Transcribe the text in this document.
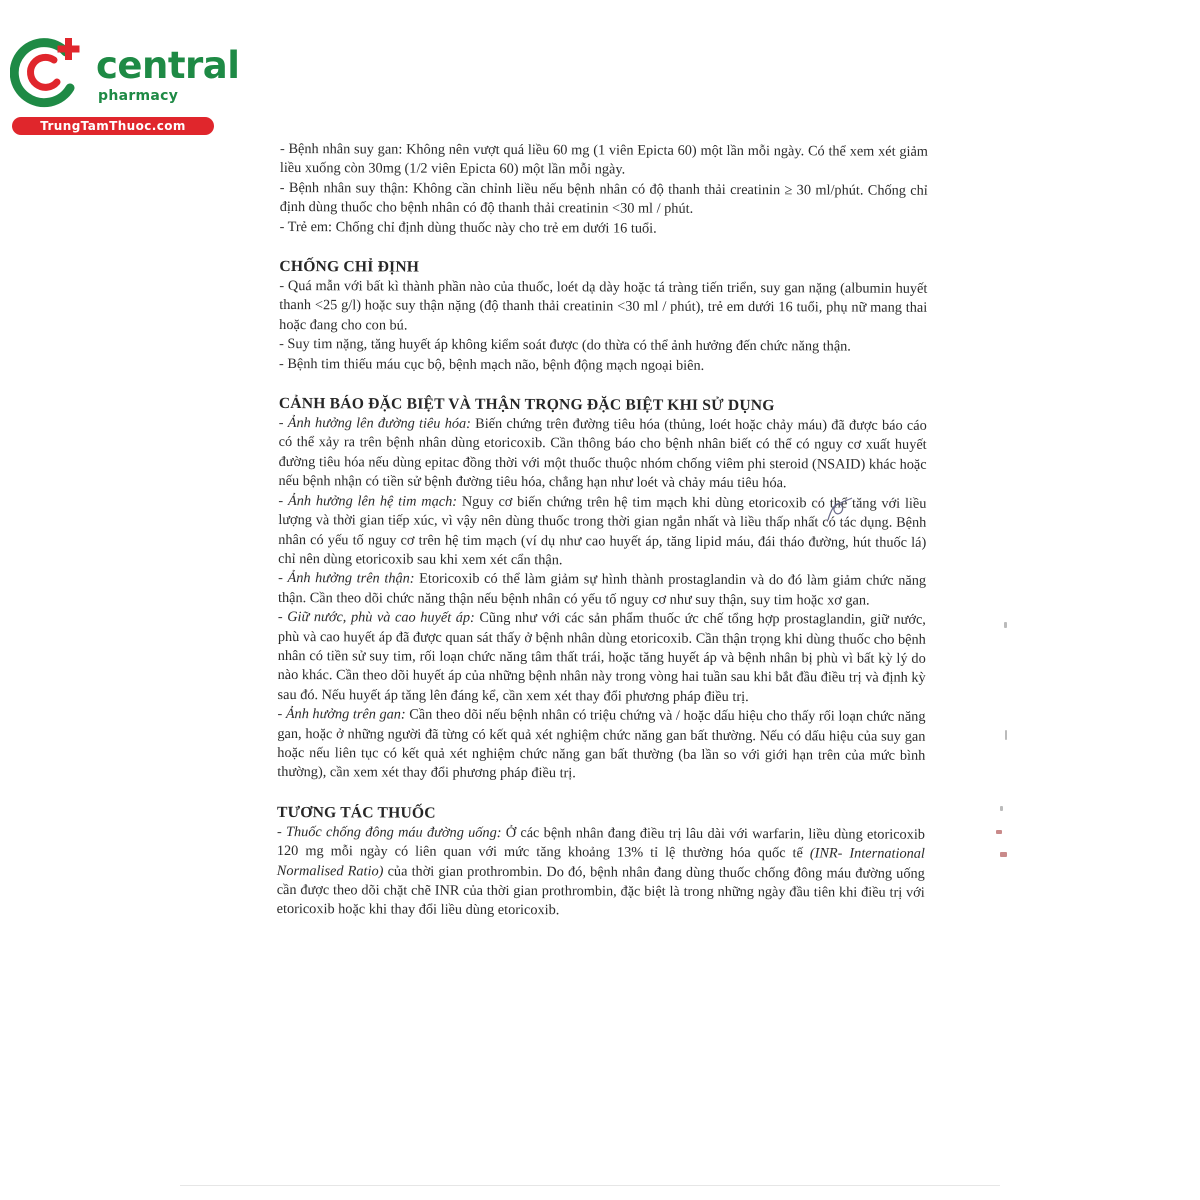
central
pharmacy
TrungTamThuoc.com

- Bệnh nhân suy gan: Không nên vượt quá liều 60 mg (1 viên Epicta 60) một lần mỗi ngày. Có thể xem xét giảm liều xuống còn 30mg (1/2 viên Epicta 60) một lần mỗi ngày.

- Bệnh nhân suy thận: Không cần chỉnh liều nếu bệnh nhân có độ thanh thải creatinin ≥ 30 ml/phút. Chống chỉ định dùng thuốc cho bệnh nhân có độ thanh thải creatinin <30 ml / phút.

- Trẻ em: Chống chỉ định dùng thuốc này cho trẻ em dưới 16 tuổi.

CHỐNG CHỈ ĐỊNH

- Quá mẫn với bất kì thành phần nào của thuốc, loét dạ dày hoặc tá tràng tiến triển, suy gan nặng (albumin huyết thanh <25 g/l) hoặc suy thận nặng (độ thanh thải creatinin <30 ml / phút), trẻ em dưới 16 tuổi, phụ nữ mang thai hoặc đang cho con bú.

- Suy tim nặng, tăng huyết áp không kiểm soát được (do thừa có thể ảnh hưởng đến chức năng thận.

- Bệnh tim thiếu máu cục bộ, bệnh mạch não, bệnh động mạch ngoại biên.

CẢNH BÁO ĐẶC BIỆT VÀ THẬN TRỌNG ĐẶC BIỆT KHI SỬ DỤNG

- Ảnh hưởng lên đường tiêu hóa: Biến chứng trên đường tiêu hóa (thủng, loét hoặc chảy máu) đã được báo cáo có thể xảy ra trên bệnh nhân dùng etoricoxib. Cần thông báo cho bệnh nhân biết có thể có nguy cơ xuất huyết đường tiêu hóa nếu dùng epitac đồng thời với một thuốc thuộc nhóm chống viêm phi steroid (NSAID) khác hoặc nếu bệnh nhận có tiền sử bệnh đường tiêu hóa, chẳng hạn như loét và chảy máu tiêu hóa.

- Ảnh hưởng lên hệ tim mạch: Nguy cơ biến chứng trên hệ tim mạch khi dùng etoricoxib có thể tăng với liều lượng và thời gian tiếp xúc, vì vậy nên dùng thuốc trong thời gian ngắn nhất và liều thấp nhất có tác dụng. Bệnh nhân có yếu tố nguy cơ trên hệ tim mạch (ví dụ như cao huyết áp, tăng lipid máu, đái tháo đường, hút thuốc lá) chỉ nên dùng etoricoxib sau khi xem xét cẩn thận.

- Ảnh hưởng trên thận: Etoricoxib có thể làm giảm sự hình thành prostaglandin và do đó làm giảm chức năng thận. Cần theo dõi chức năng thận nếu bệnh nhân có yếu tố nguy cơ như suy thận, suy tim hoặc xơ gan.

- Giữ nước, phù và cao huyết áp: Cũng như với các sản phẩm thuốc ức chế tổng hợp prostaglandin, giữ nước, phù và cao huyết áp đã được quan sát thấy ở bệnh nhân dùng etoricoxib. Cần thận trọng khi dùng thuốc cho bệnh nhân có tiền sử suy tim, rối loạn chức năng tâm thất trái, hoặc tăng huyết áp và bệnh nhân bị phù vì bất kỳ lý do nào khác. Cần theo dõi huyết áp của những bệnh nhân này trong vòng hai tuần sau khi bắt đầu điều trị và định kỳ sau đó. Nếu huyết áp tăng lên đáng kể, cần xem xét thay đổi phương pháp điều trị.

- Ảnh hưởng trên gan: Cần theo dõi nếu bệnh nhân có triệu chứng và / hoặc dấu hiệu cho thấy rối loạn chức năng gan, hoặc ở những người đã từng có kết quả xét nghiệm chức năng gan bất thường. Nếu có dấu hiệu của suy gan hoặc nếu liên tục có kết quả xét nghiệm chức năng gan bất thường (ba lần so với giới hạn trên của mức bình thường), cần xem xét thay đổi phương pháp điều trị.

TƯƠNG TÁC THUỐC

- Thuốc chống đông máu đường uống: Ở các bệnh nhân đang điều trị lâu dài với warfarin, liều dùng etoricoxib 120 mg mỗi ngày có liên quan với mức tăng khoảng 13% tỉ lệ thường hóa quốc tế (INR- International Normalised Ratio) của thời gian prothrombin. Do đó, bệnh nhân đang dùng thuốc chống đông máu đường uống cần được theo dõi chặt chẽ INR của thời gian prothrombin, đặc biệt là trong những ngày đầu tiên khi điều trị với etoricoxib hoặc khi thay đổi liều dùng etoricoxib.
